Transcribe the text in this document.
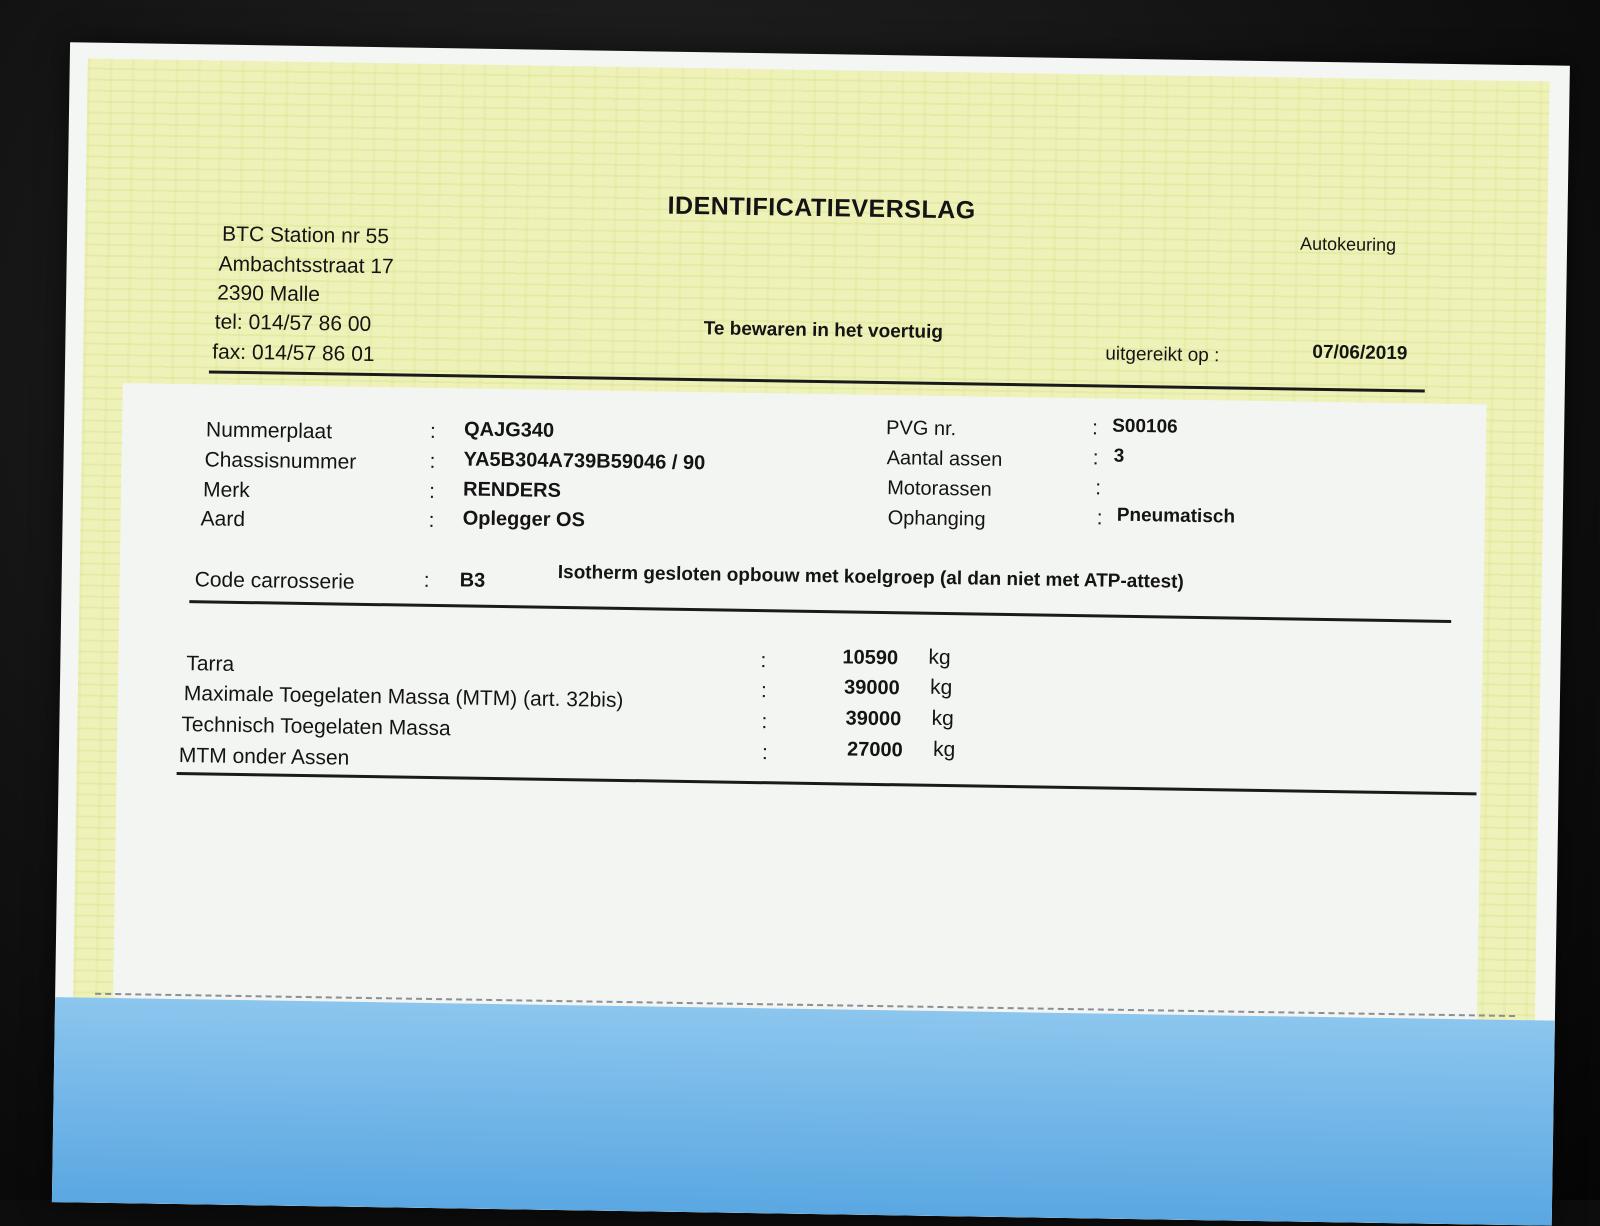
IDENTIFICATIEVERSLAG
Autokeuring
BTC Station nr 55
Ambachtsstraat 17
2390 Malle
tel: 014/57 86 00
fax: 014/57 86 01
Te bewaren in het voertuig
uitgereikt op :	07/06/2019
Nummerplaat	: QAJG340
Chassisnummer	: YA5B304A739B59046 / 90
Merk	: RENDERS
Aard	: Oplegger OS
PVG nr.	: S00106
Aantal assen	: 3
Motorassen	:
Ophanging	: Pneumatisch
Code carrosserie	: B3	Isotherm gesloten opbouw met koelgroep (al dan niet met ATP-attest)
Tarra	:	10590 kg
Maximale Toegelaten Massa (MTM) (art. 32bis)	:	39000 kg
Technisch Toegelaten Massa	:	39000 kg
MTM onder Assen	:	27000 kg
